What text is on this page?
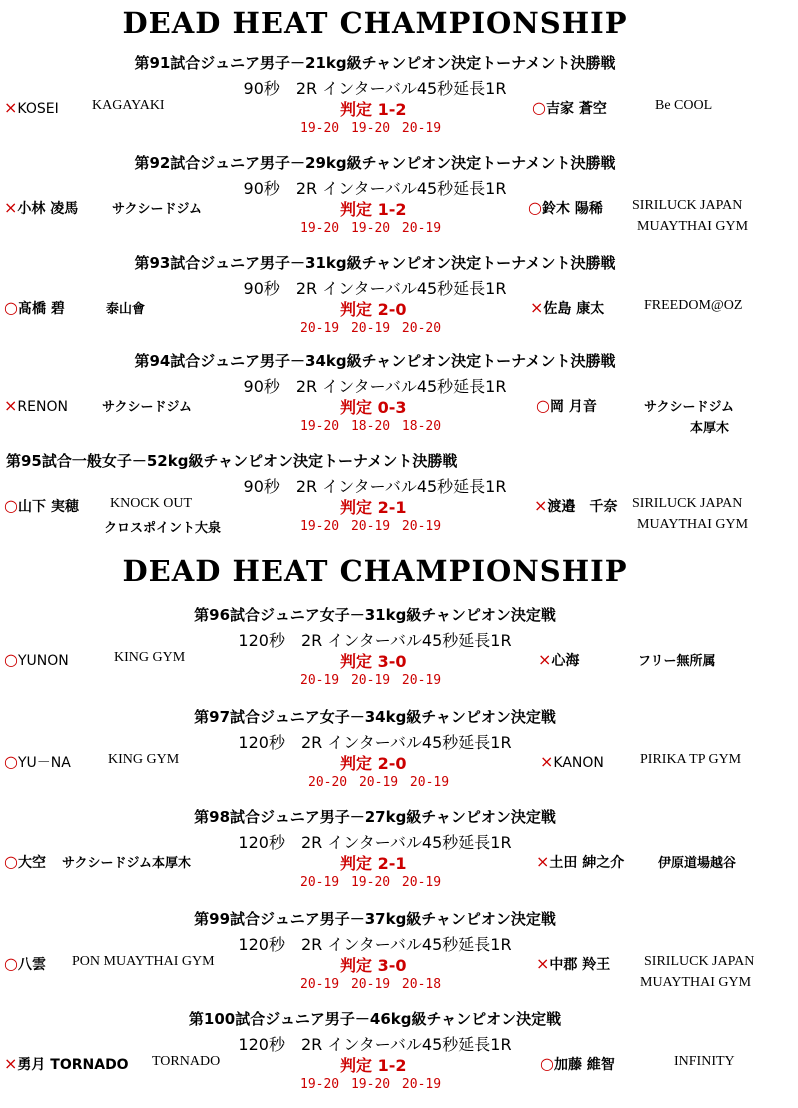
DEAD HEAT CHAMPIONSHIP
第91試合ジュニア男子－21kg級チャンピオン決定トーナメント決勝戦
90秒　2R インターバル45秒延長1R
×KOSEI KAGAYAKI	判定 1-2
19-20 19-20 20-19
○吉家 蒼空	Be COOL
第92試合ジュニア男子－29kg級チャンピオン決定トーナメント決勝戦
90秒　2R インターバル45秒延長1R
×小林 凌馬	サクシードジム	判定 1-2
19-20 19-20 20-19
○鈴木 陽稀 SIRILUCK JAPAN
MUAYTHAI GYM
第93試合ジュニア男子－31kg級チャンピオン決定トーナメント決勝戦
90秒　2R インターバル45秒延長1R
○髙橋 碧	泰山會	判定 2-0
20-19 20-19 20-20
×佐島 康太	FREEDOM@OZ
第94試合ジュニア男子－34kg級チャンピオン決定トーナメント決勝戦
90秒　2R インターバル45秒延長1R
×RENON	サクシードジム	判定 0-3
19-20 18-20 18-20
○岡 月音	サクシードジム
本厚木
第95試合一般女子－52kg級チャンピオン決定トーナメント決勝戦
90秒　2R インターバル45秒延長1R
○山下 実穂 KNOCK OUT
クロスポイント大泉
判定 2-1
19-20 20-19 20-19
×渡邉　千奈 SIRILUCK JAPAN
MUAYTHAI GYM
DEAD HEAT CHAMPIONSHIP
第96試合ジュニア女子－31kg級チャンピオン決定戦
120秒　2R インターバル45秒延長1R
○YUNON	KING GYM	判定 3-0
20-19 20-19 20-19
×心海	フリー無所属
第97試合ジュニア女子－34kg級チャンピオン決定戦
120秒　2R インターバル45秒延長1R
○YU－NA	KING GYM	判定 2-0
20-20 20-19 20-19
×KANON	PIRIKA TP GYM
第98試合ジュニア男子－27kg級チャンピオン決定戦
120秒　2R インターバル45秒延長1R
○大空 サクシードジム本厚木	判定 2-1
20-19 19-20 20-19
×土田 紳之介	伊原道場越谷
第99試合ジュニア男子－37kg級チャンピオン決定戦
120秒　2R インターバル45秒延長1R
○八雲 PON MUAYTHAI GYM	判定 3-0
20-19 20-19 20-18
×中郡 羚王 SIRILUCK JAPAN
MUAYTHAI GYM
第100試合ジュニア男子－46kg級チャンピオン決定戦
120秒　2R インターバル45秒延長1R
×勇月 TORNADO TORNADO	判定 1-2
19-20 19-20 20-19
○加藤 維智	INFINITY
